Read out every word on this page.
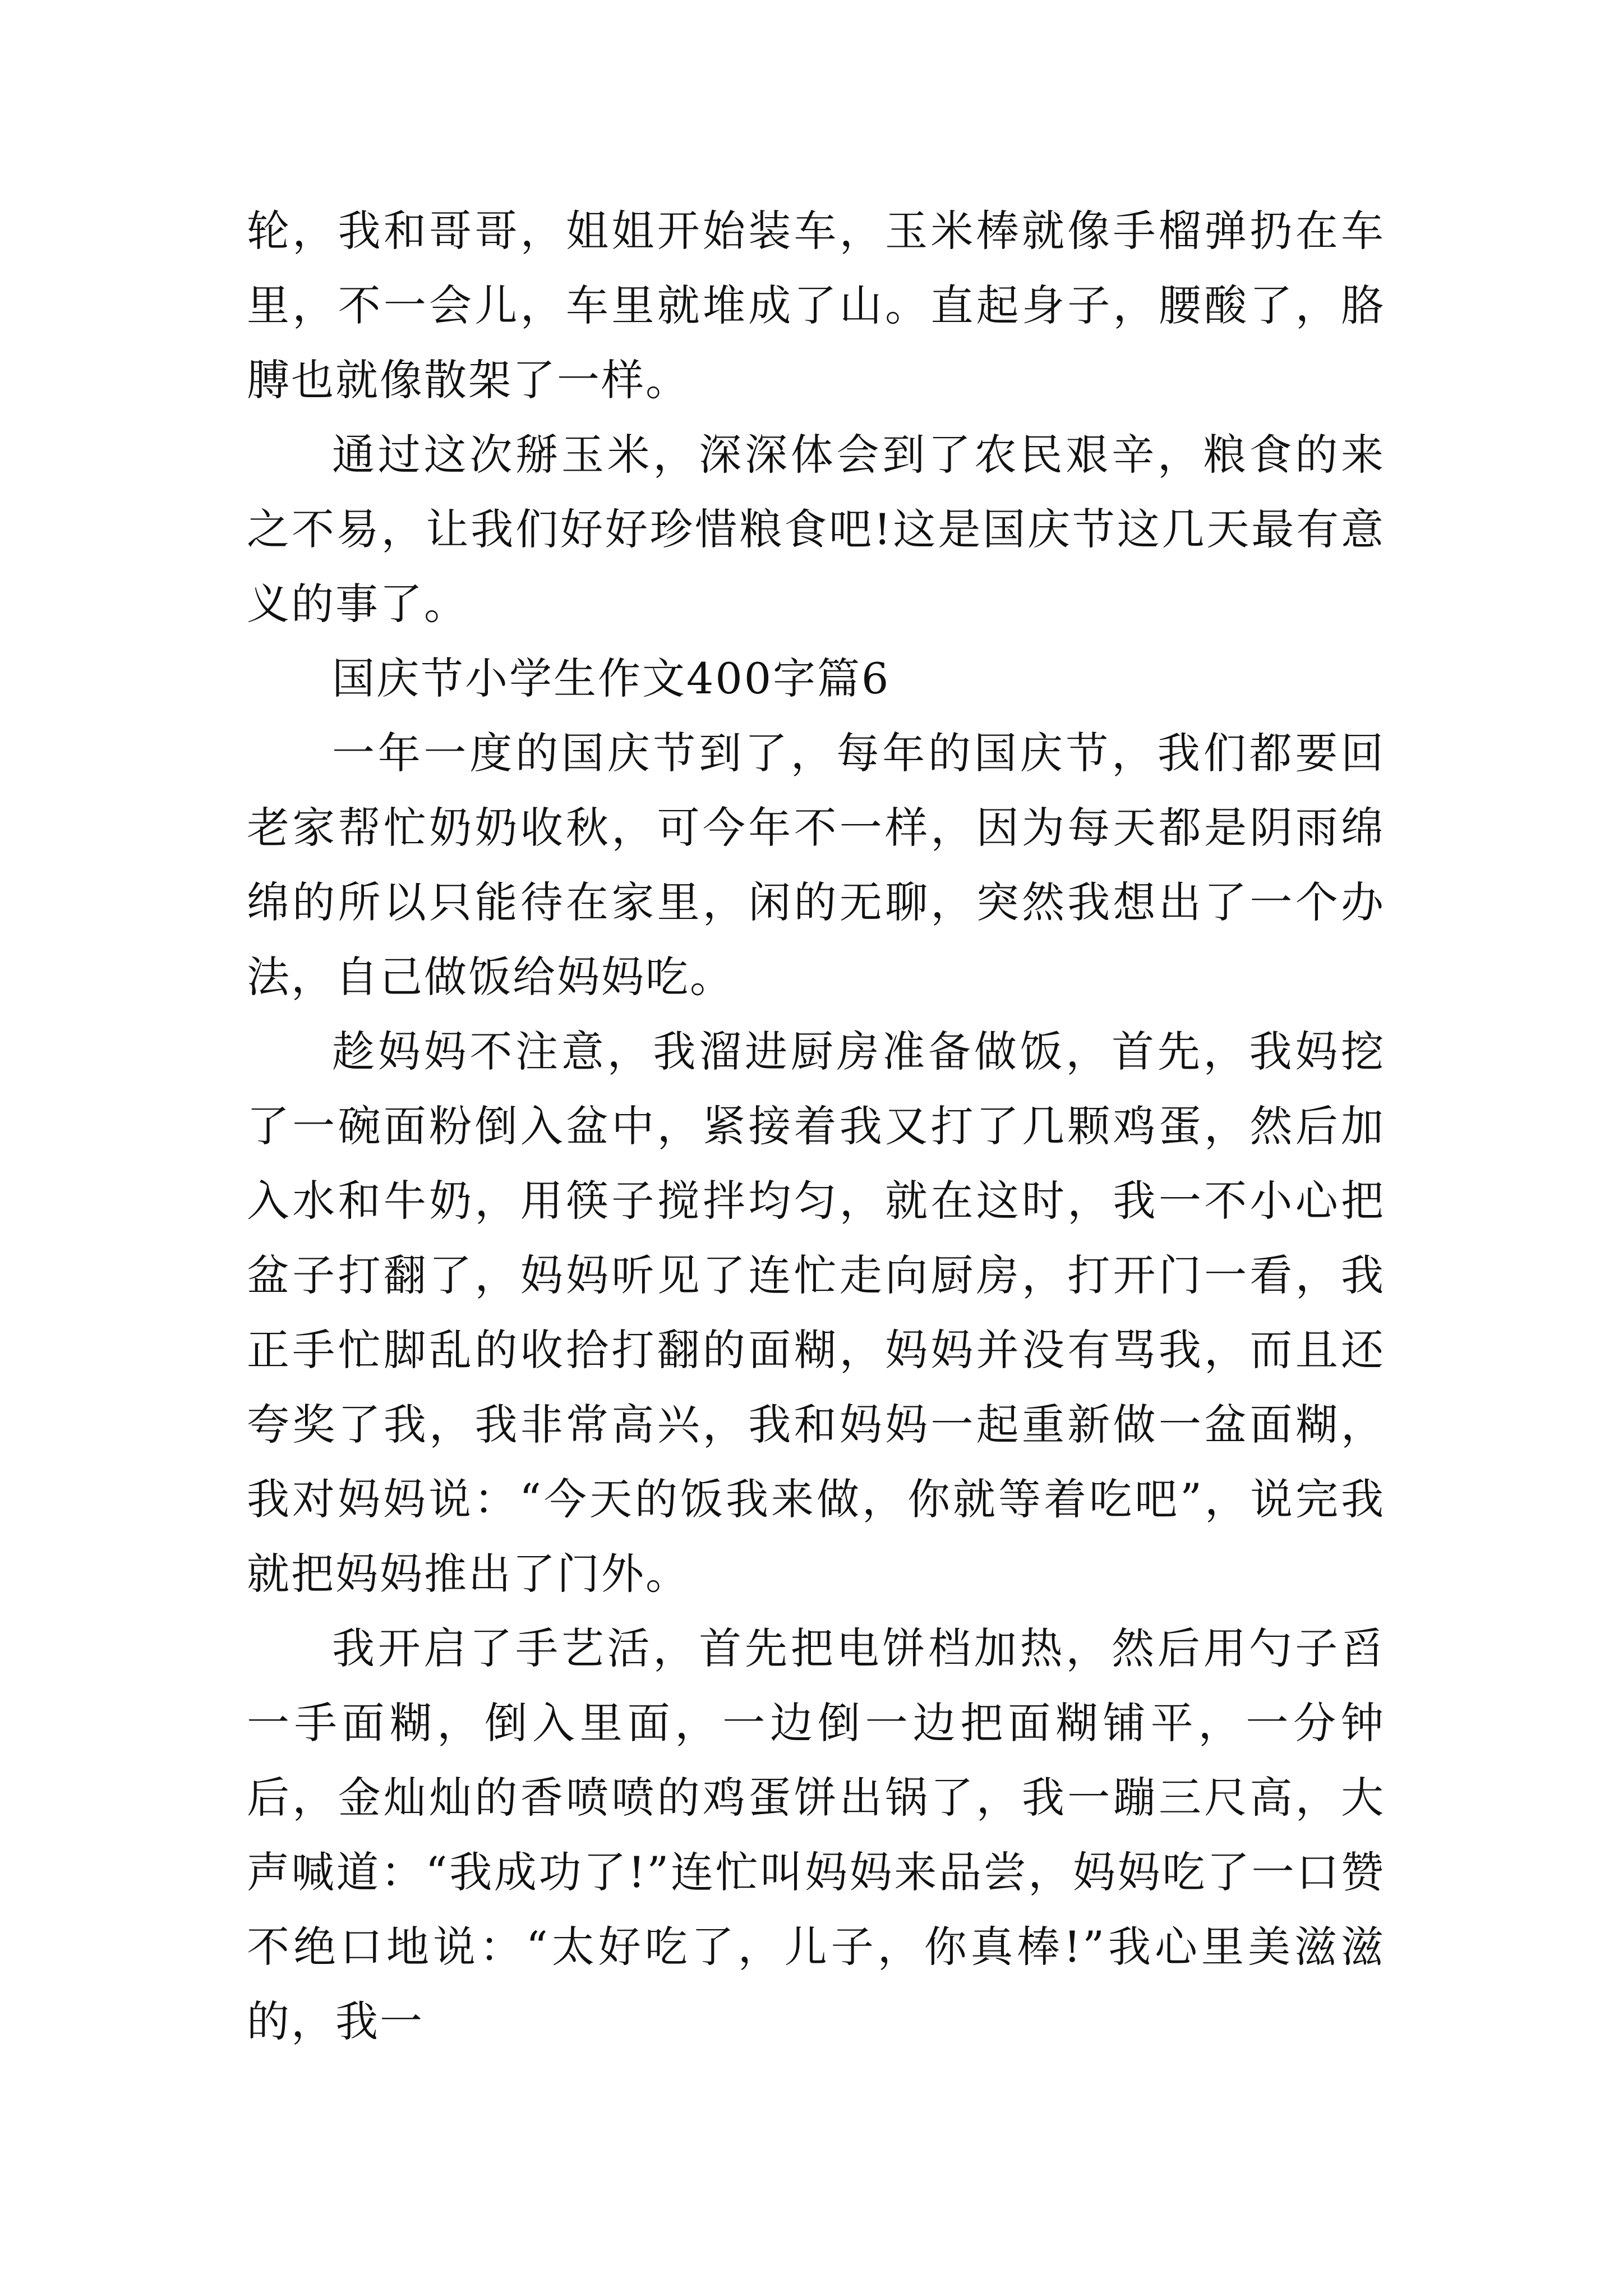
轮，我和哥哥，姐姐开始装车，玉米棒就像手榴弹扔在车里，不一会儿，车里就堆成了山。直起身子，腰酸了，胳膊也就像散架了一样。

通过这次掰玉米，深深体会到了农民艰辛，粮食的来之不易，让我们好好珍惜粮食吧!这是国庆节这几天最有意义的事了。

国庆节小学生作文400字篇6

一年一度的国庆节到了，每年的国庆节，我们都要回老家帮忙奶奶收秋，可今年不一样，因为每天都是阴雨绵绵的所以只能待在家里，闲的无聊，突然我想出了一个办法，自己做饭给妈妈吃。

趁妈妈不注意，我溜进厨房准备做饭，首先，我妈挖了一碗面粉倒入盆中，紧接着我又打了几颗鸡蛋，然后加入水和牛奶，用筷子搅拌均匀，就在这时，我一不小心把盆子打翻了，妈妈听见了连忙走向厨房，打开门一看，我正手忙脚乱的收拾打翻的面糊，妈妈并没有骂我，而且还夸奖了我，我非常高兴，我和妈妈一起重新做一盆面糊，我对妈妈说：“今天的饭我来做，你就等着吃吧”，说完我就把妈妈推出了门外。

我开启了手艺活，首先把电饼档加热，然后用勺子舀一手面糊，倒入里面，一边倒一边把面糊铺平，一分钟后，金灿灿的香喷喷的鸡蛋饼出锅了，我一蹦三尺高，大声喊道：“我成功了!”连忙叫妈妈来品尝，妈妈吃了一口赞不绝口地说：“太好吃了，儿子，你真棒!”我心里美滋滋的，我一
